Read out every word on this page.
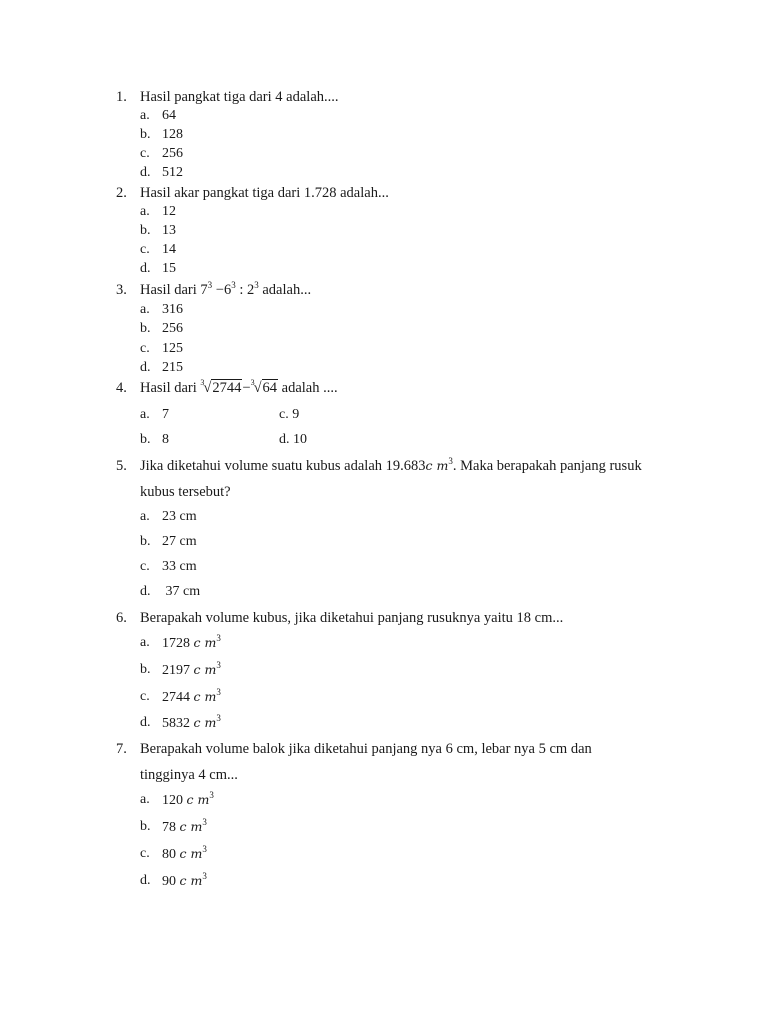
1. Hasil pangkat tiga dari 4 adalah....
a. 64
b. 128
c. 256
d. 512
2. Hasil akar pangkat tiga dari 1.728 adalah...
a. 12
b. 13
c. 14
d. 15
3. Hasil dari $7^3 -6^3$ : $2^3$ adalah...
a. 316
b. 256
c. 125
d. 215
4. Hasil dari 3 √2744− 3 √64 adalah ....
a. 7	c. 9
b. 8	d. 10
5. Jika diketahui volume suatu kubus adalah 19.683c $m^3$. Maka berapakah panjang rusuk
kubus tersebut?
a. 23 cm
b. 27 cm
c. 33 cm
d. 37 cm
6. Berapakah volume kubus, jika diketahui panjang rusuknya yaitu 18 cm...
a. 1728 c $m^3$
b. 2197 c $m^3$
c. 2744 c $m^3$
d. 5832 c $m^3$
7. Berapakah volume balok jika diketahui panjang nya 6 cm, lebar nya 5 cm dan
tingginya 4 cm...
a. 120 c $m^3$
b. 78 c $m^3$
c. 80 c $m^3$
d. 90 c $m^3$
